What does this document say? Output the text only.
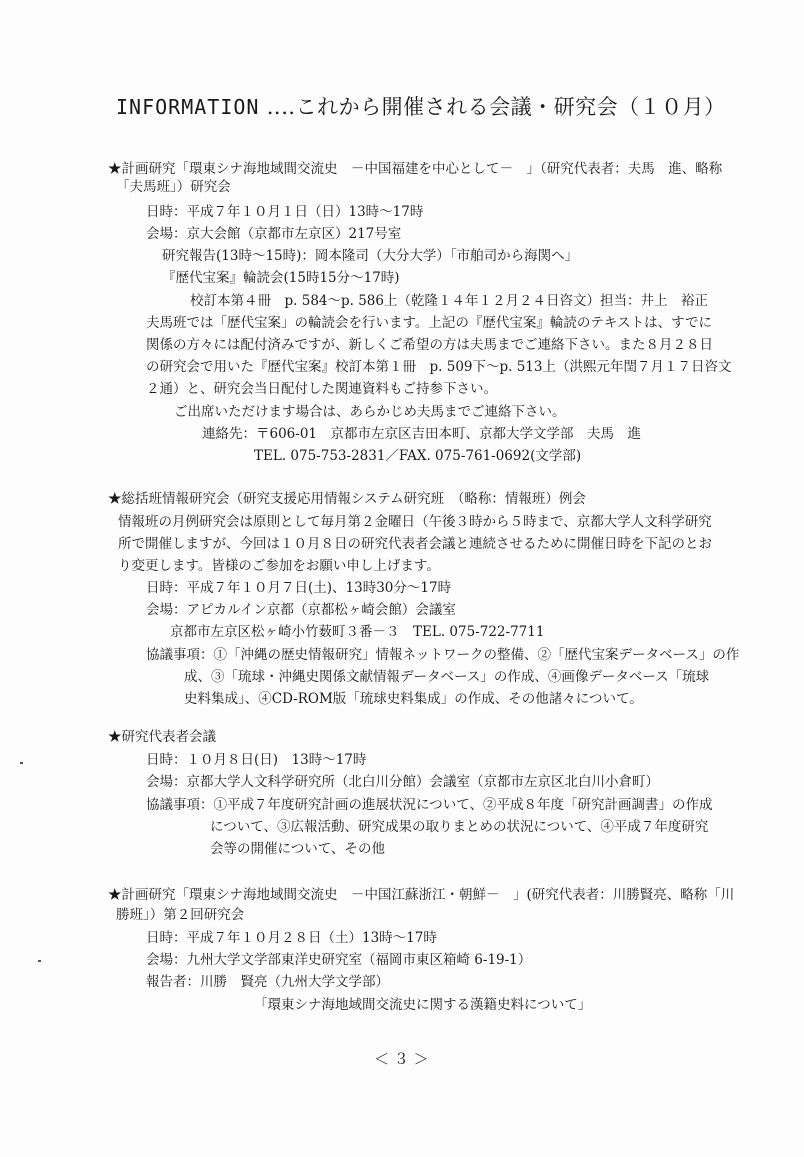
INFORMATION ‥‥これから開催される会議・研究会（１０月）
★計画研究「環東シナ海地域間交流史　－中国福建を中心として－　」（研究代表者：夫馬　進、略称
「夫馬班」）研究会
日時：平成７年１０月１日（日）13時～17時
会場：京大会館（京都市左京区）217号室
研究報告(13時～15時)：岡本隆司（大分大学）「市舶司から海関へ」
『歴代宝案』輪読会(15時15分～17時)
校訂本第４冊　p. 584～p. 586上（乾隆１４年１２月２４日咨文）担当：井上　裕正
夫馬班では「歴代宝案」の輪読会を行います。上記の『歴代宝案』輪読のテキストは、すでに
関係の方々には配付済みですが、新しくご希望の方は夫馬までご連絡下さい。また８月２８日
の研究会で用いた『歴代宝案』校訂本第１冊　p. 509下～p. 513上（洪熙元年閏７月１７日咨文
２通）と、研究会当日配付した関連資料もご持参下さい。
ご出席いただけます場合は、あらかじめ夫馬までご連絡下さい。
連絡先：〒606-01　京都市左京区吉田本町、京都大学文学部　夫馬　進
TEL. 075-753-2831／FAX. 075-761-0692(文学部)
★総括班情報研究会（研究支援応用情報システム研究班　（略称：情報班）例会
情報班の月例研究会は原則として毎月第２金曜日（午後３時から５時まで、京都大学人文科学研究
所で開催しますが、今回は１０月８日の研究代表者会議と連続させるために開催日時を下記のとお
り変更します。皆様のご参加をお願い申し上げます。
日時：平成７年１０月７日(土)、13時30分～17時
会場：アピカルイン京都（京都松ヶ崎会館）会議室
京都市左京区松ヶ崎小竹薮町３番－３　TEL. 075-722-7711
協議事項：①「沖縄の歴史情報研究」情報ネットワークの整備、②「歴代宝案データベース」の作
成、③「琉球・沖縄史関係文献情報データベース」の作成、④画像データベース「琉球
史料集成」、④CD-ROM版「琉球史料集成」の作成、その他諸々について。
★研究代表者会議
日時：１０月８日(日)　13時～17時
会場：京都大学人文科学研究所（北白川分館）会議室（京都市左京区北白川小倉町）
協議事項：①平成７年度研究計画の進展状況について、②平成８年度「研究計画調書」の作成
について、③広報活動、研究成果の取りまとめの状況について、④平成７年度研究
会等の開催について、その他
★計画研究「環東シナ海地域間交流史　－中国江蘇浙江・朝鮮－　」(研究代表者：川勝賢亮、略称「川
勝班」）第２回研究会
日時：平成７年１０月２８日（土）13時～17時
会場：九州大学文学部東洋史研究室（福岡市東区箱崎 6-19-1）
報告者：川勝　賢亮（九州大学文学部）
「環東シナ海地域間交流史に関する漢籍史料について」
＜ ３ ＞
